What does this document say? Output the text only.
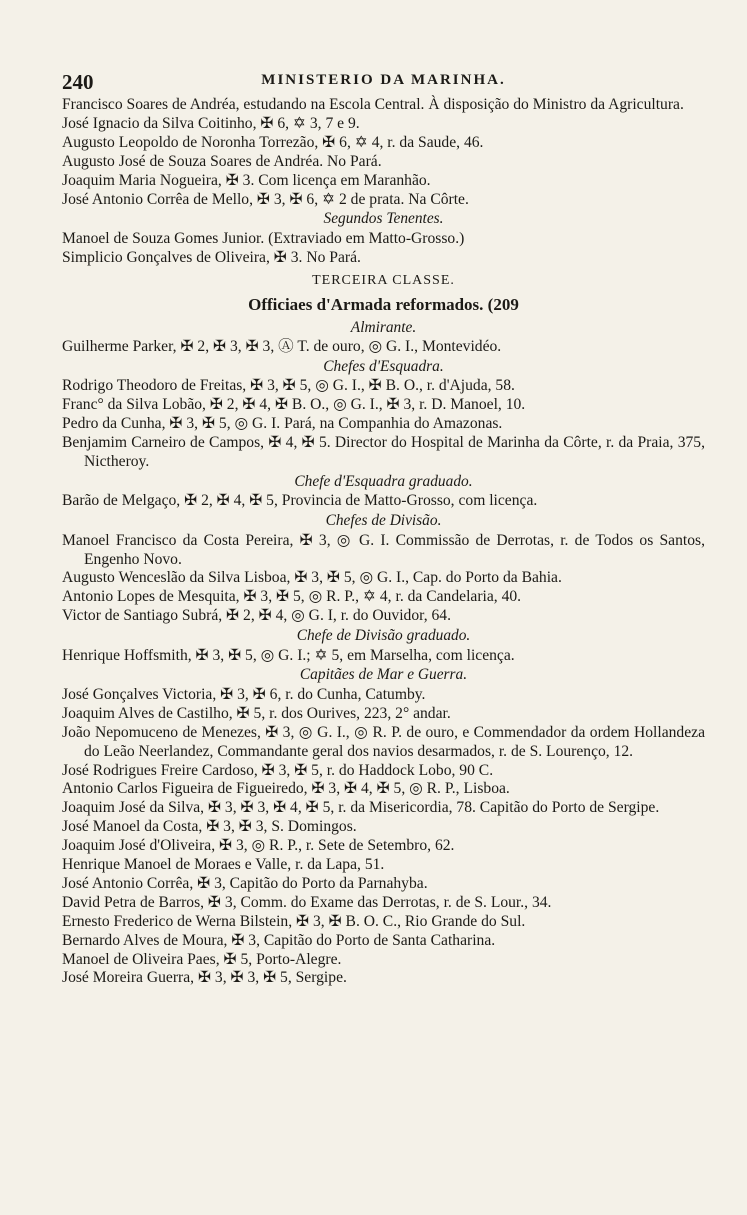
240	MINISTERIO DA MARINHA.

Francisco Soares de Andréa, estudando na Escola Central. À disposição do Ministro da Agricultura.

José Ignacio da Silva Coitinho, ✠ 6, ✡ 3, 7 e 9.

Augusto Leopoldo de Noronha Torrezão, ✠ 6, ✡ 4, r. da Saude, 46.

Augusto José de Souza Soares de Andréa. No Pará.

Joaquim Maria Nogueira, ✠ 3. Com licença em Maranhão.

José Antonio Corrêa de Mello, ✠ 3, ✠ 6, ✡ 2 de prata. Na Côrte.

Segundos Tenentes.

Manoel de Souza Gomes Junior. (Extraviado em Matto-Grosso.)

Simplicio Gonçalves de Oliveira, ✠ 3. No Pará.

TERCEIRA CLASSE.

Officiaes d'Armada reformados. (209

Almirante.

Guilherme Parker, ✠ 2, ✠ 3, ✠ 3, Ⓐ T. de ouro, ◎ G. I., Montevidéo.

Chefes d'Esquadra.

Rodrigo Theodoro de Freitas, ✠ 3, ✠ 5, ◎ G. I., ✠ B. O., r. d'Ajuda, 58.

Franc° da Silva Lobão, ✠ 2, ✠ 4, ✠ B. O., ◎ G. I., ✠ 3, r. D. Manoel, 10.

Pedro da Cunha, ✠ 3, ✠ 5, ◎ G. I. Pará, na Companhia do Amazonas.

Benjamim Carneiro de Campos, ✠ 4, ✠ 5. Director do Hospital de Marinha da Côrte, r. da Praia, 375, Nictheroy.

Chefe d'Esquadra graduado.

Barão de Melgaço, ✠ 2, ✠ 4, ✠ 5, Provincia de Matto-Grosso, com licença.

Chefes de Divisão.

Manoel Francisco da Costa Pereira, ✠ 3, ◎ G. I. Commissão de Derrotas, r. de Todos os Santos, Engenho Novo.

Augusto Wenceslão da Silva Lisboa, ✠ 3, ✠ 5, ◎ G. I., Cap. do Porto da Bahia.

Antonio Lopes de Mesquita, ✠ 3, ✠ 5, ◎ R. P., ✡ 4, r. da Candelaria, 40.

Victor de Santiago Subrá, ✠ 2, ✠ 4, ◎ G. I, r. do Ouvidor, 64.

Chefe de Divisão graduado.

Henrique Hoffsmith, ✠ 3, ✠ 5, ◎ G. I.; ✡ 5, em Marselha, com licença.

Capitães de Mar e Guerra.

José Gonçalves Victoria, ✠ 3, ✠ 6, r. do Cunha, Catumby.

Joaquim Alves de Castilho, ✠ 5, r. dos Ourives, 223, 2° andar.

João Nepomuceno de Menezes, ✠ 3, ◎ G. I., ◎ R. P. de ouro, e Commendador da ordem Hollandeza do Leão Neerlandez, Commandante geral dos navios desarmados, r. de S. Lourenço, 12.

José Rodrigues Freire Cardoso, ✠ 3, ✠ 5, r. do Haddock Lobo, 90 C.

Antonio Carlos Figueira de Figueiredo, ✠ 3, ✠ 4, ✠ 5, ◎ R. P., Lisboa.

Joaquim José da Silva, ✠ 3, ✠ 3, ✠ 4, ✠ 5, r. da Misericordia, 78. Capitão do Porto de Sergipe.

José Manoel da Costa, ✠ 3, ✠ 3, S. Domingos.

Joaquim José d'Oliveira, ✠ 3, ◎ R. P., r. Sete de Setembro, 62.

Henrique Manoel de Moraes e Valle, r. da Lapa, 51.

José Antonio Corrêa, ✠ 3, Capitão do Porto da Parnahyba.

David Petra de Barros, ✠ 3, Comm. do Exame das Derrotas, r. de S. Lour., 34.

Ernesto Frederico de Werna Bilstein, ✠ 3, ✠ B. O. C., Rio Grande do Sul.

Bernardo Alves de Moura, ✠ 3, Capitão do Porto de Santa Catharina.

Manoel de Oliveira Paes, ✠ 5, Porto-Alegre.

José Moreira Guerra, ✠ 3, ✠ 3, ✠ 5, Sergipe.
